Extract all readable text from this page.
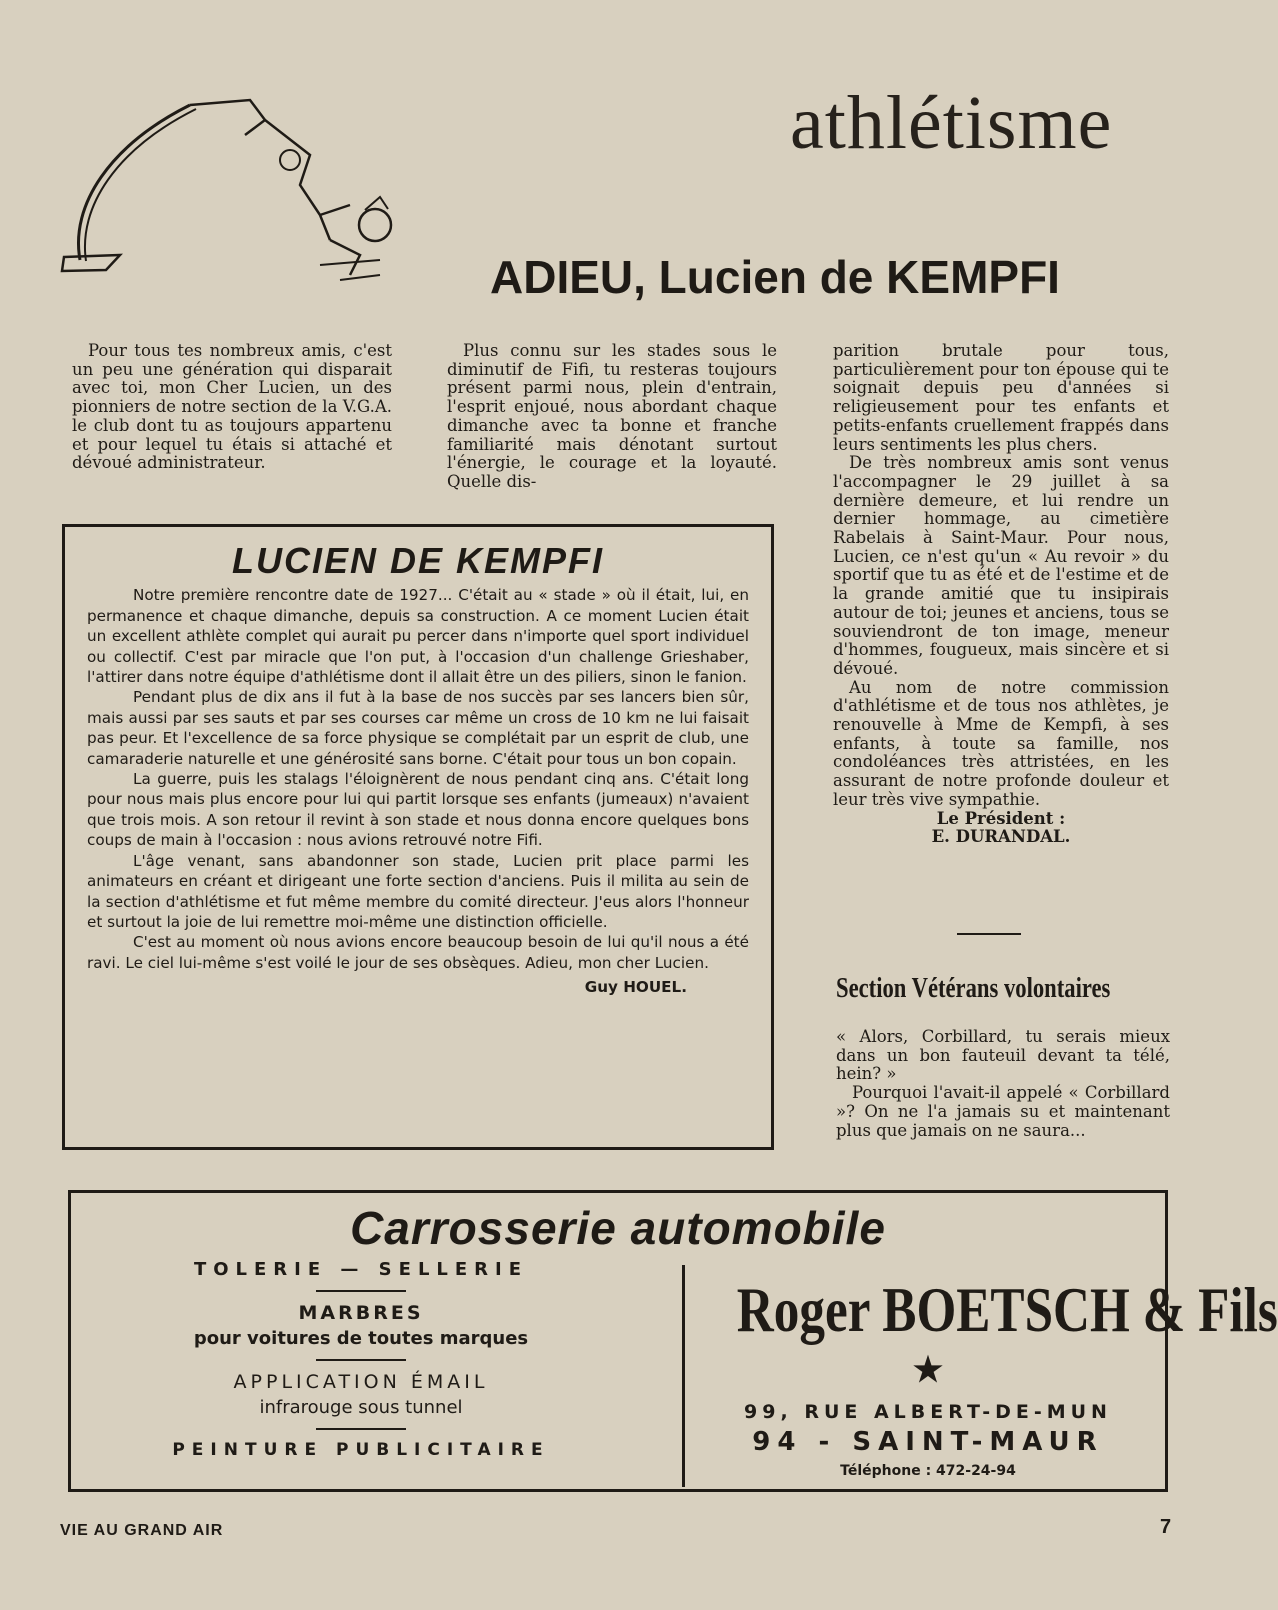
athlétisme
ADIEU, Lucien de KEMPFI

Pour tous tes nombreux amis, c'est un peu une génération qui disparait avec toi, mon Cher Lucien, un des pionniers de notre section de la V.G.A. le club dont tu as toujours appartenu et pour lequel tu étais si attaché et dévoué administrateur.

Plus connu sur les stades sous le diminutif de Fifi, tu resteras toujours présent parmi nous, plein d'entrain, l'esprit enjoué, nous abordant chaque dimanche avec ta bonne et franche familiarité mais dénotant surtout l'énergie, le courage et la loyauté. Quelle dis-

parition brutale pour tous, particulièrement pour ton épouse qui te soignait depuis peu d'années si religieusement pour tes enfants et petits-enfants cruellement frappés dans leurs sentiments les plus chers.

De très nombreux amis sont venus l'accompagner le 29 juillet à sa dernière demeure, et lui rendre un dernier hommage, au cimetière Rabelais à Saint-Maur. Pour nous, Lucien, ce n'est qu'un « Au revoir » du sportif que tu as été et de l'estime et de la grande amitié que tu insipirais autour de toi; jeunes et anciens, tous se souviendront de ton image, meneur d'hommes, fougueux, mais sincère et si dévoué.

Au nom de notre commission d'athlétisme et de tous nos athlètes, je renouvelle à Mme de Kempfi, à ses enfants, à toute sa famille, nos condoléances très attristées, en les assurant de notre profonde douleur et leur très vive sympathie.

Le Président :

E. DURANDAL.

Section Vétérans volontaires

« Alors, Corbillard, tu serais mieux dans un bon fauteuil devant ta télé, hein? »

Pourquoi l'avait-il appelé « Corbillard »? On ne l'a jamais su et maintenant plus que jamais on ne saura...

LUCIEN DE KEMPFI

Notre première rencontre date de 1927... C'était au « stade » où il était, lui, en permanence et chaque dimanche, depuis sa construction. A ce moment Lucien était un excellent athlète complet qui aurait pu percer dans n'importe quel sport individuel ou collectif. C'est par miracle que l'on put, à l'occasion d'un challenge Grieshaber, l'attirer dans notre équipe d'athlétisme dont il allait être un des piliers, sinon le fanion.

Pendant plus de dix ans il fut à la base de nos succès par ses lancers bien sûr, mais aussi par ses sauts et par ses courses car même un cross de 10 km ne lui faisait pas peur. Et l'excellence de sa force physique se complétait par un esprit de club, une camaraderie naturelle et une générosité sans borne. C'était pour tous un bon copain.

La guerre, puis les stalags l'éloignèrent de nous pendant cinq ans. C'était long pour nous mais plus encore pour lui qui partit lorsque ses enfants (jumeaux) n'avaient que trois mois. A son retour il revint à son stade et nous donna encore quelques bons coups de main à l'occasion : nous avions retrouvé notre Fifi.

L'âge venant, sans abandonner son stade, Lucien prit place parmi les animateurs en créant et dirigeant une forte section d'anciens. Puis il milita au sein de la section d'athlétisme et fut même membre du comité directeur. J'eus alors l'honneur et surtout la joie de lui remettre moi-même une distinction officielle.

C'est au moment où nous avions encore beaucoup besoin de lui qu'il nous a été ravi. Le ciel lui-même s'est voilé le jour de ses obsèques. Adieu, mon cher Lucien.

Guy HOUEL.

Carrosserie automobile
TOLERIE — SELLERIE
MARBRES
pour voitures de toutes marques
APPLICATION ÉMAIL
infrarouge sous tunnel
PEINTURE PUBLICITAIRE
Roger BOETSCH & Fils
★
99, RUE ALBERT-DE-MUN
94 - SAINT-MAUR
Téléphone : 472-24-94
VIE AU GRAND AIR	7
